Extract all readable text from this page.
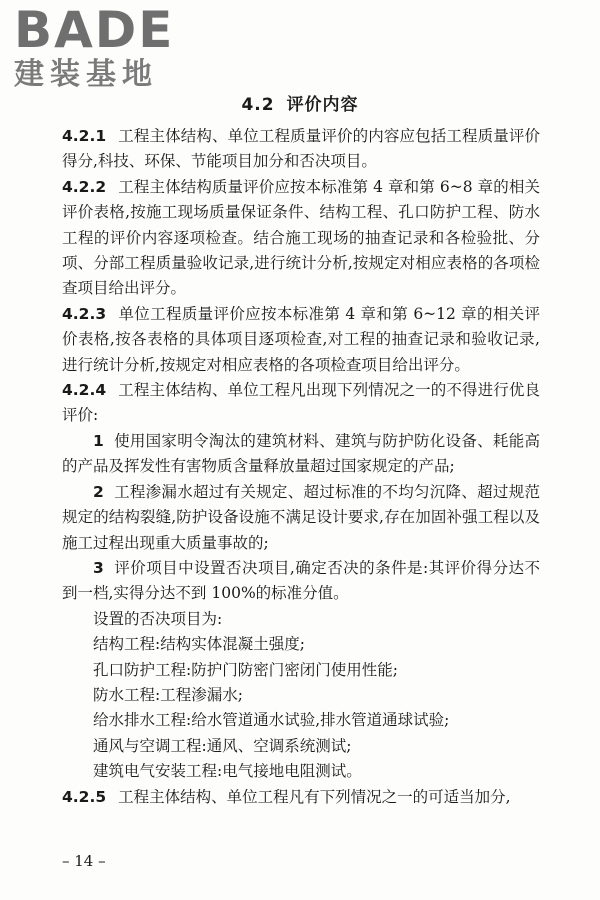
BADE
建装基地
4.2 评价内容

4.2.1 工程主体结构、单位工程质量评价的内容应包括工程质量评价得分,科技、环保、节能项目加分和否决项目。

4.2.2 工程主体结构质量评价应按本标准第 4 章和第 6~8 章的相关评价表格,按施工现场质量保证条件、结构工程、孔口防护工程、防水工程的评价内容逐项检查。结合施工现场的抽查记录和各检验批、分项、分部工程质量验收记录,进行统计分析,按规定对相应表格的各项检查项目给出评分。

4.2.3 单位工程质量评价应按本标准第 4 章和第 6~12 章的相关评价表格,按各表格的具体项目逐项检查,对工程的抽查记录和验收记录,进行统计分析,按规定对相应表格的各项检查项目给出评分。

4.2.4 工程主体结构、单位工程凡出现下列情况之一的不得进行优良评价:

1 使用国家明令淘汰的建筑材料、建筑与防护防化设备、耗能高的产品及挥发性有害物质含量释放量超过国家规定的产品;

2 工程渗漏水超过有关规定、超过标准的不均匀沉降、超过规范规定的结构裂缝,防护设备设施不满足设计要求,存在加固补强工程以及施工过程出现重大质量事故的;

3 评价项目中设置否决项目,确定否决的条件是:其评价得分达不到一档,实得分达不到 100%的标准分值。

设置的否决项目为:

结构工程:结构实体混凝土强度;

孔口防护工程:防护门防密门密闭门使用性能;

防水工程:工程渗漏水;

给水排水工程:给水管道通水试验,排水管道通球试验;

通风与空调工程:通风、空调系统测试;

建筑电气安装工程:电气接地电阻测试。

4.2.5 工程主体结构、单位工程凡有下列情况之一的可适当加分,

– 14 –
